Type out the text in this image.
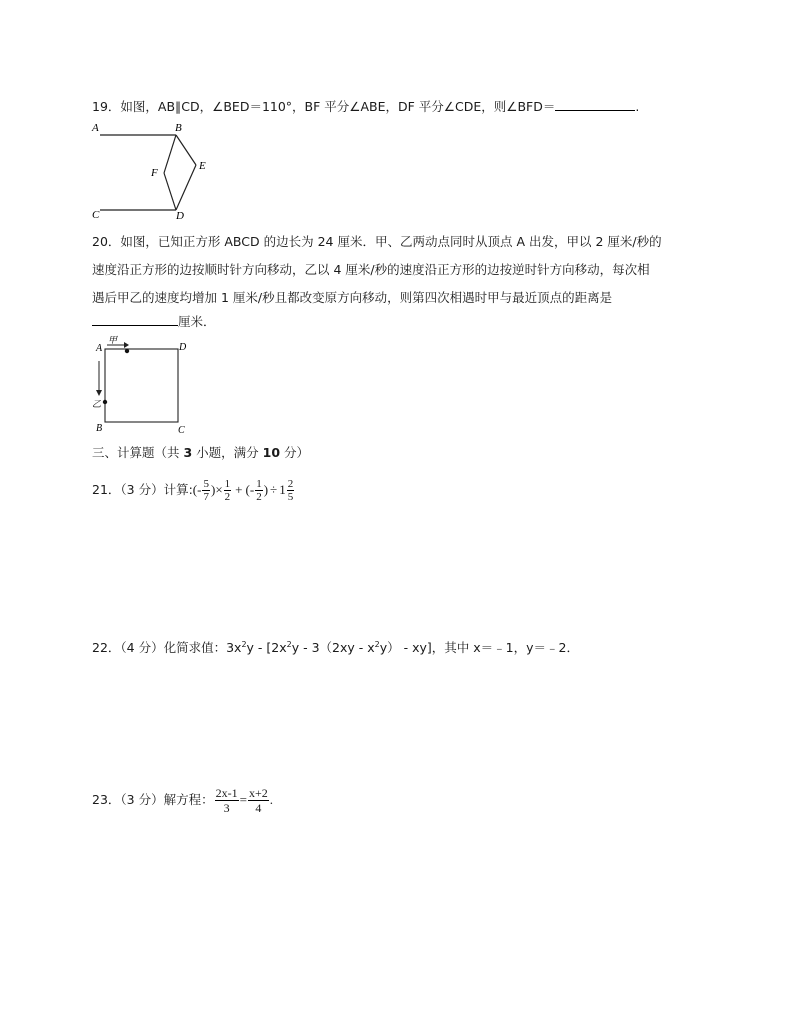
19．如图，AB∥CD，∠BED＝110°，BF 平分∠ABE，DF 平分∠CDE，则∠BFD＝	.
A	B
C	D
E
F
20．如图，已知正方形 ABCD 的边长为 24 厘米．甲、乙两动点同时从顶点 A 出发，甲以 2 厘米/秒的
速度沿正方形的边按顺时针方向移动，乙以 4 厘米/秒的速度沿正方形的边按逆时针方向移动，每次相
遇后甲乙的速度均增加 1 厘米/秒且都改变原方向移动，则第四次相遇时甲与最近顶点的距离是
厘米．
A	D
B	C
甲
乙
三、计算题（共 3 小题，满分 10 分）
21．（3 分）计算: ( - $\frac{5}{7}$ ) × $\frac{1}{2}$ + ( - $\frac{1}{2}$ ) ÷ $1 \frac{2}{5}$
22．（4 分）化简求值：$3x^2y - [2x^2y - 3(2xy - x^2y) - xy]$，其中 x＝﹣1，y＝﹣2．
23．（3 分）解方程： $\frac{2x-1}{3} = \frac{x+2}{4}$ .
